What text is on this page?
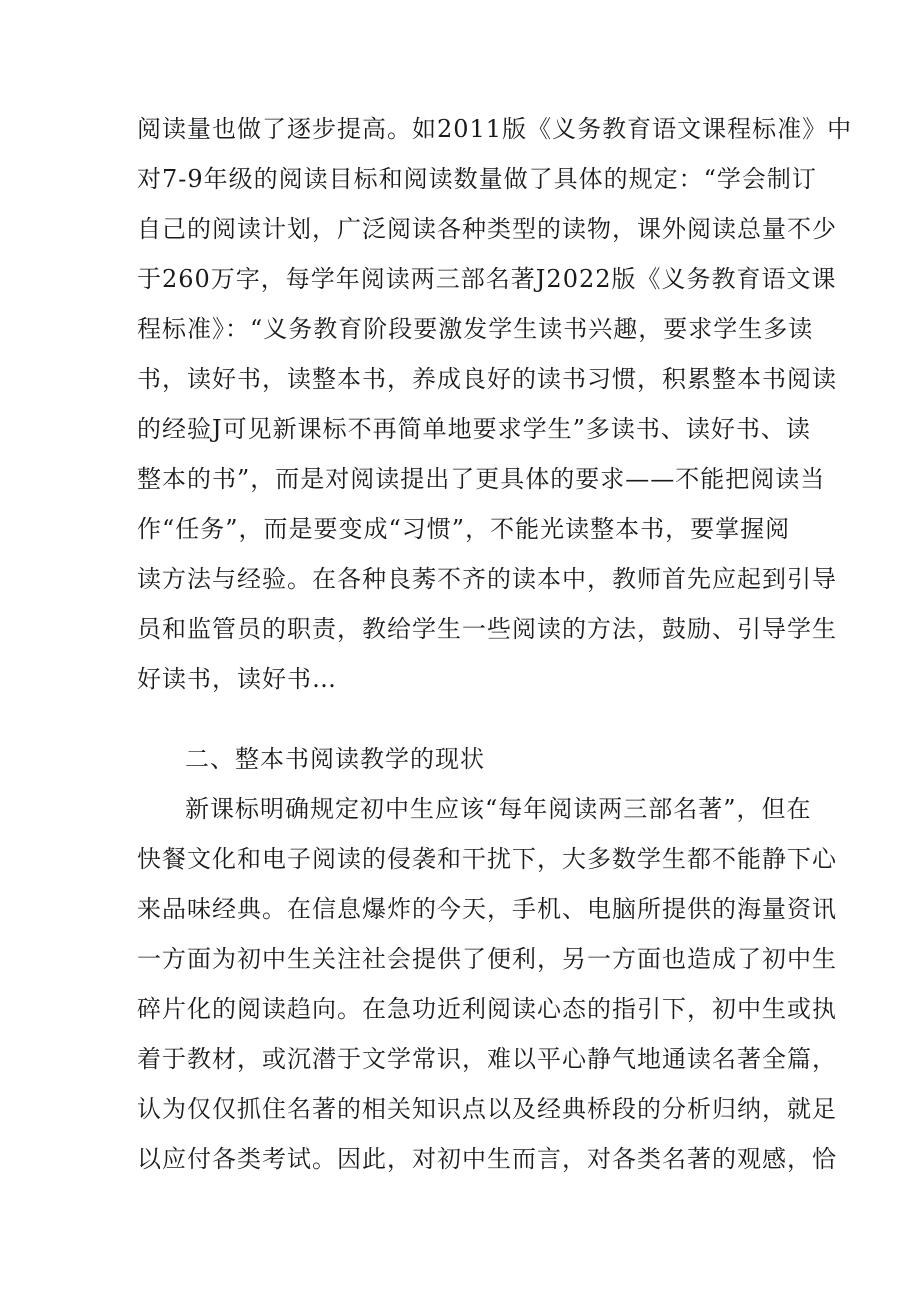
阅读量也做了逐步提高。如2011版《义务教育语文课程标准》中
对7-9年级的阅读目标和阅读数量做了具体的规定：“学会制订
自己的阅读计划，广泛阅读各种类型的读物，课外阅读总量不少
于260万字，每学年阅读两三部名著J2022版《义务教育语文课
程标准》：“义务教育阶段要激发学生读书兴趣，要求学生多读
书，读好书，读整本书，养成良好的读书习惯，积累整本书阅读
的经验J可见新课标不再简单地要求学生”多读书、读好书、读
整本的书”，而是对阅读提出了更具体的要求——不能把阅读当
作“任务”，而是要变成“习惯”，不能光读整本书，要掌握阅
读方法与经验。在各种良莠不齐的读本中，教师首先应起到引导
员和监管员的职责，教给学生一些阅读的方法，鼓励、引导学生
好读书，读好书…
二、整本书阅读教学的现状
新课标明确规定初中生应该“每年阅读两三部名著”，但在
快餐文化和电子阅读的侵袭和干扰下，大多数学生都不能静下心
来品味经典。在信息爆炸的今天，手机、电脑所提供的海量资讯
一方面为初中生关注社会提供了便利，另一方面也造成了初中生
碎片化的阅读趋向。在急功近利阅读心态的指引下，初中生或执
着于教材，或沉潜于文学常识，难以平心静气地通读名著全篇，
认为仅仅抓住名著的相关知识点以及经典桥段的分析归纳，就足
以应付各类考试。因此，对初中生而言，对各类名著的观感，恰
